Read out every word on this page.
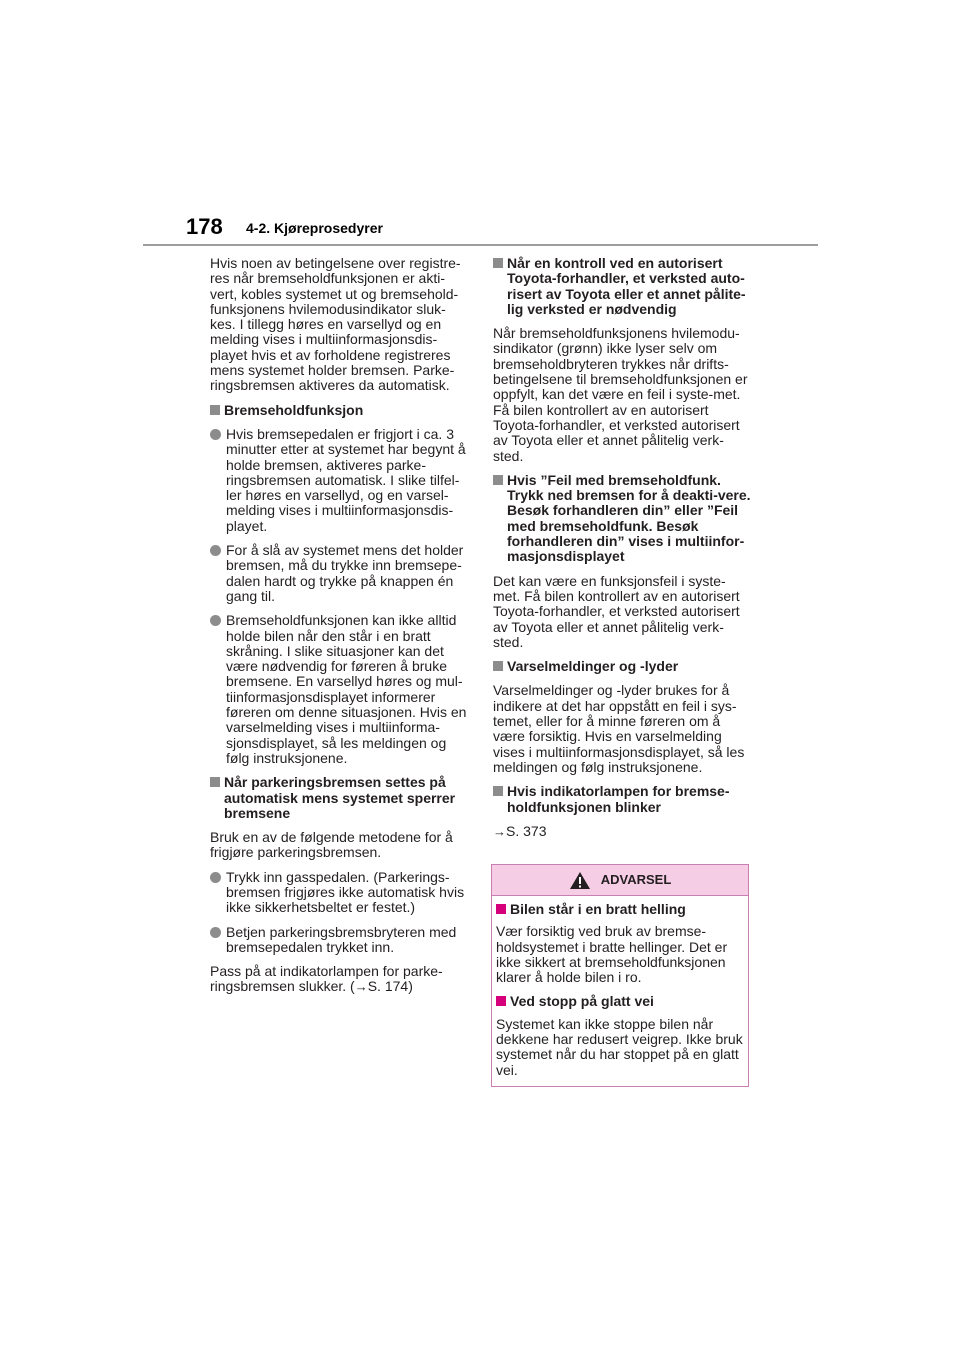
178 4-2. Kjøreprosedyrer

Hvis noen av betingelsene over registre-res når bremseholdfunksjonen er akti-vert, kobles systemet ut og bremsehold-funksjonens hvilemodusindikator sluk-kes. I tillegg høres en varsellyd og en melding vises i multiinformasjonsdis-playet hvis et av forholdene registreres mens systemet holder bremsen. Parke-ringsbremsen aktiveres da automatisk.

Bremseholdfunksjon
Hvis bremsepedalen er frigjort i ca. 3 minutter etter at systemet har begynt å holde bremsen, aktiveres parke-ringsbremsen automatisk. I slike tilfel-ler høres en varsellyd, og en varsel-melding vises i multiinformasjonsdis-playet.
For å slå av systemet mens det holder bremsen, må du trykke inn bremsepe-dalen hardt og trykke på knappen én gang til.
Bremseholdfunksjonen kan ikke alltid holde bilen når den står i en bratt skråning. I slike situasjoner kan det være nødvendig for føreren å bruke bremsene. En varsellyd høres og mul-tiinformasjonsdisplayet informerer føreren om denne situasjonen. Hvis en varselmelding vises i multiinforma-sjonsdisplayet, så les meldingen og følg instruksjonene.
Når parkeringsbremsen settes på automatisk mens systemet sperrer bremsene

Bruk en av de følgende metodene for å frigjøre parkeringsbremsen.

Trykk inn gasspedalen. (Parkerings-bremsen frigjøres ikke automatisk hvis ikke sikkerhetsbeltet er festet.)
Betjen parkeringsbremsbryteren med bremsepedalen trykket inn.

Pass på at indikatorlampen for parke-ringsbremsen slukker. (→S. 174)

Når en kontroll ved en autorisert Toyota-forhandler, et verksted auto-risert av Toyota eller et annet pålite-lig verksted er nødvendig

Når bremseholdfunksjonens hvilemodu-sindikator (grønn) ikke lyser selv om bremseholdbryteren trykkes når drifts-betingelsene til bremseholdfunksjonen er oppfylt, kan det være en feil i syste-met. Få bilen kontrollert av en autorisert Toyota-forhandler, et verksted autorisert av Toyota eller et annet pålitelig verk-sted.

Hvis ”Feil med bremseholdfunk. Trykk ned bremsen for å deakti-vere. Besøk forhandleren din” eller ”Feil med bremseholdfunk. Besøk forhandleren din” vises i multiinfor-masjonsdisplayet

Det kan være en funksjonsfeil i syste-met. Få bilen kontrollert av en autorisert Toyota-forhandler, et verksted autorisert av Toyota eller et annet pålitelig verk-sted.

Varselmeldinger og -lyder

Varselmeldinger og -lyder brukes for å indikere at det har oppstått en feil i sys-temet, eller for å minne føreren om å være forsiktig. Hvis en varselmelding vises i multiinformasjonsdisplayet, så les meldingen og følg instruksjonene.

Hvis indikatorlampen for bremse-holdfunksjonen blinker

→S. 373

ADVARSEL
Bilen står i en bratt helling

Vær forsiktig ved bruk av bremse-holdsystemet i bratte hellinger. Det er ikke sikkert at bremseholdfunksjonen klarer å holde bilen i ro.

Ved stopp på glatt vei

Systemet kan ikke stoppe bilen når dekkene har redusert veigrep. Ikke bruk systemet når du har stoppet på en glatt vei.
